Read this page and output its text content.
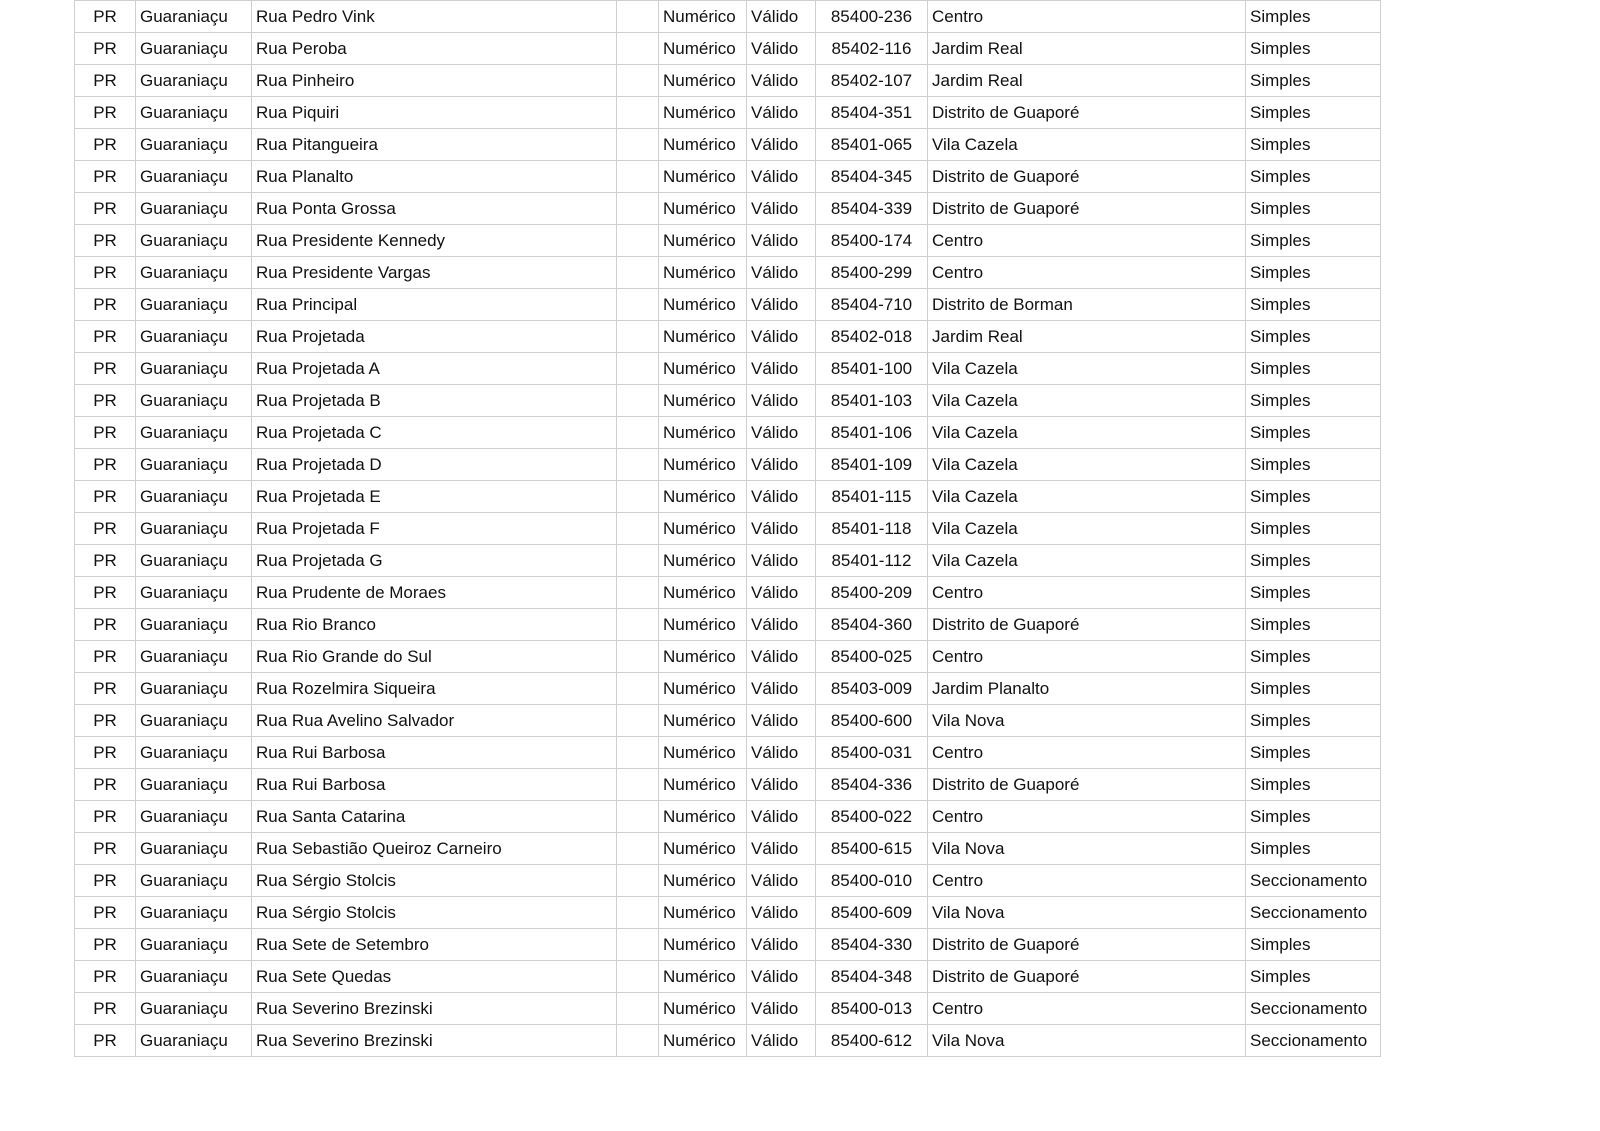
PR	Guaraniaçu	Rua Pedro Vink		Numérico	Válido	85400-236	Centro	Simples
PR	Guaraniaçu	Rua Peroba		Numérico	Válido	85402-116	Jardim Real	Simples
PR	Guaraniaçu	Rua Pinheiro		Numérico	Válido	85402-107	Jardim Real	Simples
PR	Guaraniaçu	Rua Piquiri		Numérico	Válido	85404-351	Distrito de Guaporé	Simples
PR	Guaraniaçu	Rua Pitangueira		Numérico	Válido	85401-065	Vila Cazela	Simples
PR	Guaraniaçu	Rua Planalto		Numérico	Válido	85404-345	Distrito de Guaporé	Simples
PR	Guaraniaçu	Rua Ponta Grossa		Numérico	Válido	85404-339	Distrito de Guaporé	Simples
PR	Guaraniaçu	Rua Presidente Kennedy		Numérico	Válido	85400-174	Centro	Simples
PR	Guaraniaçu	Rua Presidente Vargas		Numérico	Válido	85400-299	Centro	Simples
PR	Guaraniaçu	Rua Principal		Numérico	Válido	85404-710	Distrito de Borman	Simples
PR	Guaraniaçu	Rua Projetada		Numérico	Válido	85402-018	Jardim Real	Simples
PR	Guaraniaçu	Rua Projetada A		Numérico	Válido	85401-100	Vila Cazela	Simples
PR	Guaraniaçu	Rua Projetada B		Numérico	Válido	85401-103	Vila Cazela	Simples
PR	Guaraniaçu	Rua Projetada C		Numérico	Válido	85401-106	Vila Cazela	Simples
PR	Guaraniaçu	Rua Projetada D		Numérico	Válido	85401-109	Vila Cazela	Simples
PR	Guaraniaçu	Rua Projetada E		Numérico	Válido	85401-115	Vila Cazela	Simples
PR	Guaraniaçu	Rua Projetada F		Numérico	Válido	85401-118	Vila Cazela	Simples
PR	Guaraniaçu	Rua Projetada G		Numérico	Válido	85401-112	Vila Cazela	Simples
PR	Guaraniaçu	Rua Prudente de Moraes		Numérico	Válido	85400-209	Centro	Simples
PR	Guaraniaçu	Rua Rio Branco		Numérico	Válido	85404-360	Distrito de Guaporé	Simples
PR	Guaraniaçu	Rua Rio Grande do Sul		Numérico	Válido	85400-025	Centro	Simples
PR	Guaraniaçu	Rua Rozelmira Siqueira		Numérico	Válido	85403-009	Jardim Planalto	Simples
PR	Guaraniaçu	Rua Rua Avelino Salvador		Numérico	Válido	85400-600	Vila Nova	Simples
PR	Guaraniaçu	Rua Rui Barbosa		Numérico	Válido	85400-031	Centro	Simples
PR	Guaraniaçu	Rua Rui Barbosa		Numérico	Válido	85404-336	Distrito de Guaporé	Simples
PR	Guaraniaçu	Rua Santa Catarina		Numérico	Válido	85400-022	Centro	Simples
PR	Guaraniaçu	Rua Sebastião Queiroz Carneiro		Numérico	Válido	85400-615	Vila Nova	Simples
PR	Guaraniaçu	Rua Sérgio Stolcis		Numérico	Válido	85400-010	Centro	Seccionamento
PR	Guaraniaçu	Rua Sérgio Stolcis		Numérico	Válido	85400-609	Vila Nova	Seccionamento
PR	Guaraniaçu	Rua Sete de Setembro		Numérico	Válido	85404-330	Distrito de Guaporé	Simples
PR	Guaraniaçu	Rua Sete Quedas		Numérico	Válido	85404-348	Distrito de Guaporé	Simples
PR	Guaraniaçu	Rua Severino Brezinski		Numérico	Válido	85400-013	Centro	Seccionamento
PR	Guaraniaçu	Rua Severino Brezinski		Numérico	Válido	85400-612	Vila Nova	Seccionamento
